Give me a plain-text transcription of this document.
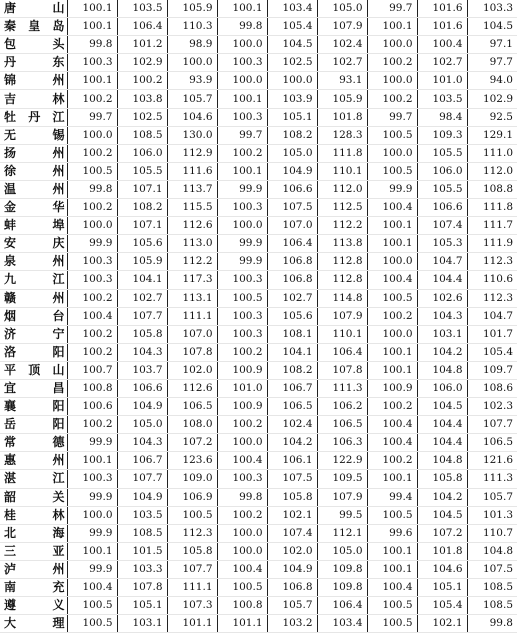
唐　山	100.1	103.5	105.9	100.1	103.4	105.0	99.7	101.6	103.3

秦皇岛	100.1	106.4	110.3	99.8	105.4	107.9	100.1	101.6	104.5

包　头	99.8	101.2	98.9	100.0	104.5	102.4	100.0	100.4	97.1

丹　东	100.3	102.9	100.0	100.3	102.5	102.7	100.2	102.7	97.7

锦　州	100.1	100.2	93.9	100.0	100.0	93.1	100.0	101.0	94.0

吉　林	100.2	103.8	105.7	100.1	103.9	105.9	100.2	103.5	102.9

牡丹江	99.7	102.5	104.6	100.3	105.1	101.8	99.7	98.4	92.5

无　锡	100.0	108.5	130.0	99.7	108.2	128.3	100.5	109.3	129.1

扬　州	100.2	106.0	112.9	100.2	105.0	111.8	100.0	105.5	111.0

徐　州	100.5	105.5	111.6	100.1	104.9	110.1	100.5	106.0	112.0

温　州	99.8	107.1	113.7	99.9	106.6	112.0	99.9	105.5	108.8

金　华	100.2	108.2	115.5	100.3	107.5	112.5	100.4	106.6	111.8

蚌　埠	100.0	107.1	112.6	100.0	107.0	112.2	100.1	107.4	111.7

安　庆	99.9	105.6	113.0	99.9	106.4	113.8	100.1	105.3	111.9

泉　州	100.3	105.9	112.2	99.9	106.8	112.8	100.0	104.7	112.3

九　江	100.3	104.1	117.3	100.3	106.8	112.8	100.4	104.4	110.6

赣　州	100.2	102.7	113.1	100.5	102.7	114.8	100.5	102.6	112.3

烟　台	100.4	107.7	111.1	100.3	105.6	107.9	100.2	104.3	104.7

济　宁	100.2	105.8	107.0	100.3	108.1	110.1	100.0	103.1	101.7

洛　阳	100.2	104.3	107.8	100.2	104.1	106.4	100.1	104.2	105.4

平顶山	100.7	103.7	102.0	100.9	108.2	107.8	100.1	104.8	109.7

宜　昌	100.8	106.6	112.6	101.0	106.7	111.3	100.9	106.0	108.6

襄　阳	100.6	104.9	106.5	100.9	106.5	106.2	100.2	104.5	102.3

岳　阳	100.2	105.0	108.0	100.2	102.4	106.5	100.4	104.4	107.7

常　德	99.9	104.3	107.2	100.0	104.2	106.3	100.4	104.4	106.5

惠　州	100.1	106.7	123.6	100.4	106.1	122.9	100.2	104.8	121.6

湛　江	100.3	107.7	109.0	100.3	107.5	109.5	100.1	105.8	111.3

韶　关	99.9	104.9	106.9	99.8	105.8	107.9	99.4	104.2	105.7

桂　林	100.0	103.5	100.5	100.2	102.1	99.5	100.5	104.5	101.3

北　海	99.9	108.5	112.3	100.0	107.4	112.1	99.6	107.2	110.7

三　亚	100.1	101.5	105.8	100.0	102.0	105.0	100.1	101.8	104.8

泸　州	99.9	103.3	107.7	100.4	104.9	109.8	100.1	104.6	107.5

南　充	100.4	107.8	111.1	100.5	106.8	109.8	100.4	105.1	108.5

遵　义	100.5	105.1	107.3	100.8	105.7	106.4	100.5	105.4	108.5

大　理	100.5	103.1	101.1	101.1	103.2	103.4	100.5	102.1	99.8
